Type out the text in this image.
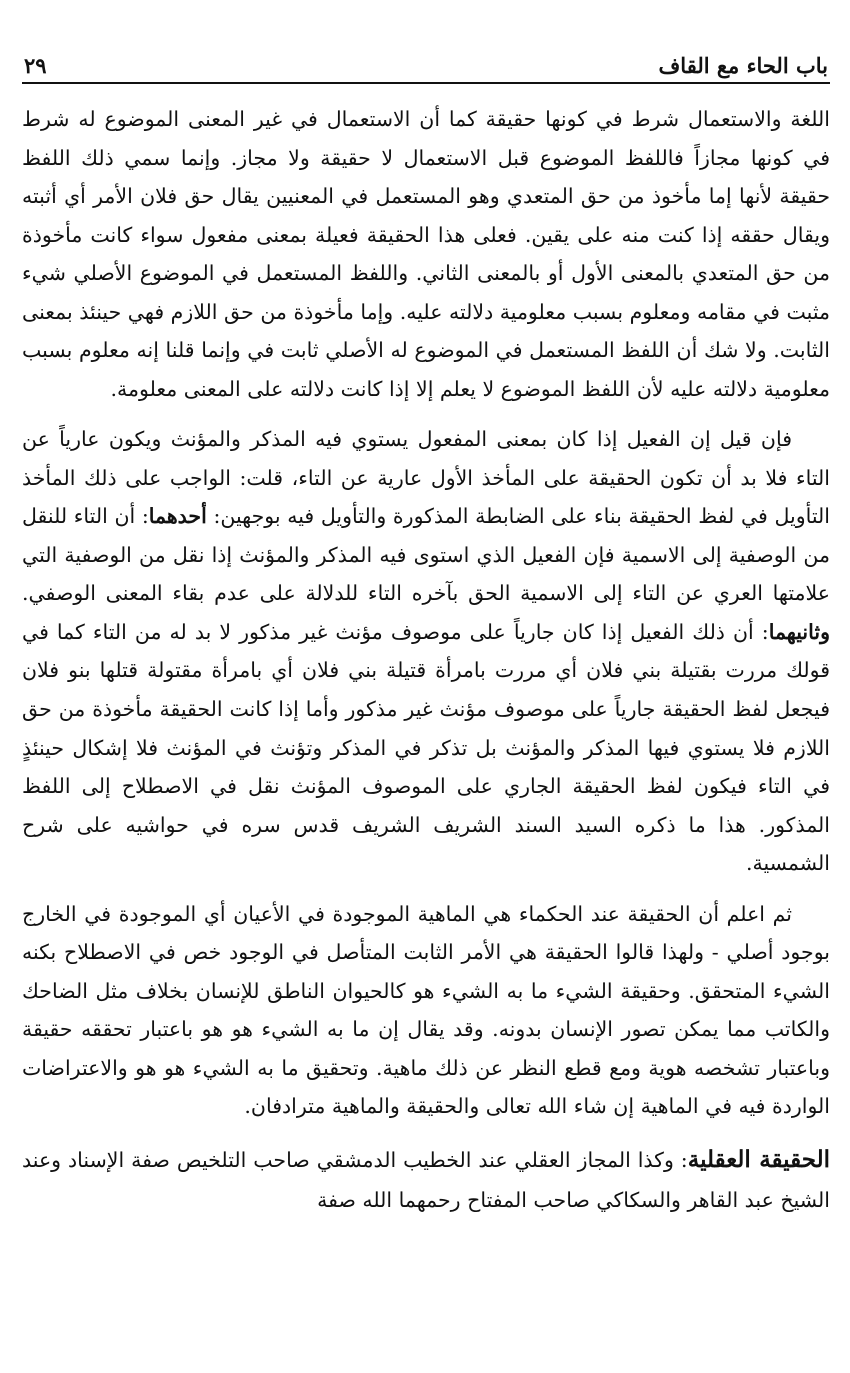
باب الحاء مع القاف
٢٩

اللغة والاستعمال شرط في كونها حقيقة كما أن الاستعمال في غير المعنى الموضوع له شرط في كونها مجازاً فاللفظ الموضوع قبل الاستعمال لا حقيقة ولا مجاز. وإنما سمي ذلك اللفظ حقيقة لأنها إما مأخوذ من حق المتعدي وهو المستعمل في المعنيين يقال حق فلان الأمر أي أثبته ويقال حققه إذا كنت منه على يقين. فعلى هذا الحقيقة فعيلة بمعنى مفعول سواء كانت مأخوذة من حق المتعدي بالمعنى الأول أو بالمعنى الثاني. واللفظ المستعمل في الموضوع الأصلي شيء مثبت في مقامه ومعلوم بسبب معلومية دلالته عليه. وإما مأخوذة من حق اللازم فهي حينئذ بمعنى الثابت. ولا شك أن اللفظ المستعمل في الموضوع له الأصلي ثابت في وإنما قلنا إنه معلوم بسبب معلومية دلالته عليه لأن اللفظ الموضوع لا يعلم إلا إذا كانت دلالته على المعنى معلومة.

فإن قيل إن الفعيل إذا كان بمعنى المفعول يستوي فيه المذكر والمؤنث ويكون عارياً عن التاء فلا بد أن تكون الحقيقة على المأخذ الأول عارية عن التاء، قلت: الواجب على ذلك المأخذ التأويل في لفظ الحقيقة بناء على الضابطة المذكورة والتأويل فيه بوجهين: أحدهما: أن التاء للنقل من الوصفية إلى الاسمية فإن الفعيل الذي استوى فيه المذكر والمؤنث إذا نقل من الوصفية التي علامتها العري عن التاء إلى الاسمية الحق بآخره التاء للدلالة على عدم بقاء المعنى الوصفي. وثانيهما: أن ذلك الفعيل إذا كان جارياً على موصوف مؤنث غير مذكور لا بد له من التاء كما في قولك مررت بقتيلة بني فلان أي مررت بامرأة قتيلة بني فلان أي بامرأة مقتولة قتلها بنو فلان فيجعل لفظ الحقيقة جارياً على موصوف مؤنث غير مذكور وأما إذا كانت الحقيقة مأخوذة من حق اللازم فلا يستوي فيها المذكر والمؤنث بل تذكر في المذكر وتؤنث في المؤنث فلا إشكال حينئذٍ في التاء فيكون لفظ الحقيقة الجاري على الموصوف المؤنث نقل في الاصطلاح إلى اللفظ المذكور. هذا ما ذكره السيد السند الشريف الشريف قدس سره في حواشيه على شرح الشمسية.

ثم اعلم أن الحقيقة عند الحكماء هي الماهية الموجودة في الأعيان أي الموجودة في الخارج بوجود أصلي - ولهذا قالوا الحقيقة هي الأمر الثابت المتأصل في الوجود خص في الاصطلاح بكنه الشيء المتحقق. وحقيقة الشيء ما به الشيء هو كالحيوان الناطق للإنسان بخلاف مثل الضاحك والكاتب مما يمكن تصور الإنسان بدونه. وقد يقال إن ما به الشيء هو هو باعتبار تحققه حقيقة وباعتبار تشخصه هوية ومع قطع النظر عن ذلك ماهية. وتحقيق ما به الشيء هو هو والاعتراضات الواردة فيه في الماهية إن شاء الله تعالى والحقيقة والماهية مترادفان.

الحقيقة العقلية: وكذا المجاز العقلي عند الخطيب الدمشقي صاحب التلخيص صفة الإسناد وعند الشيخ عبد القاهر والسكاكي صاحب المفتاح رحمهما الله صفة
